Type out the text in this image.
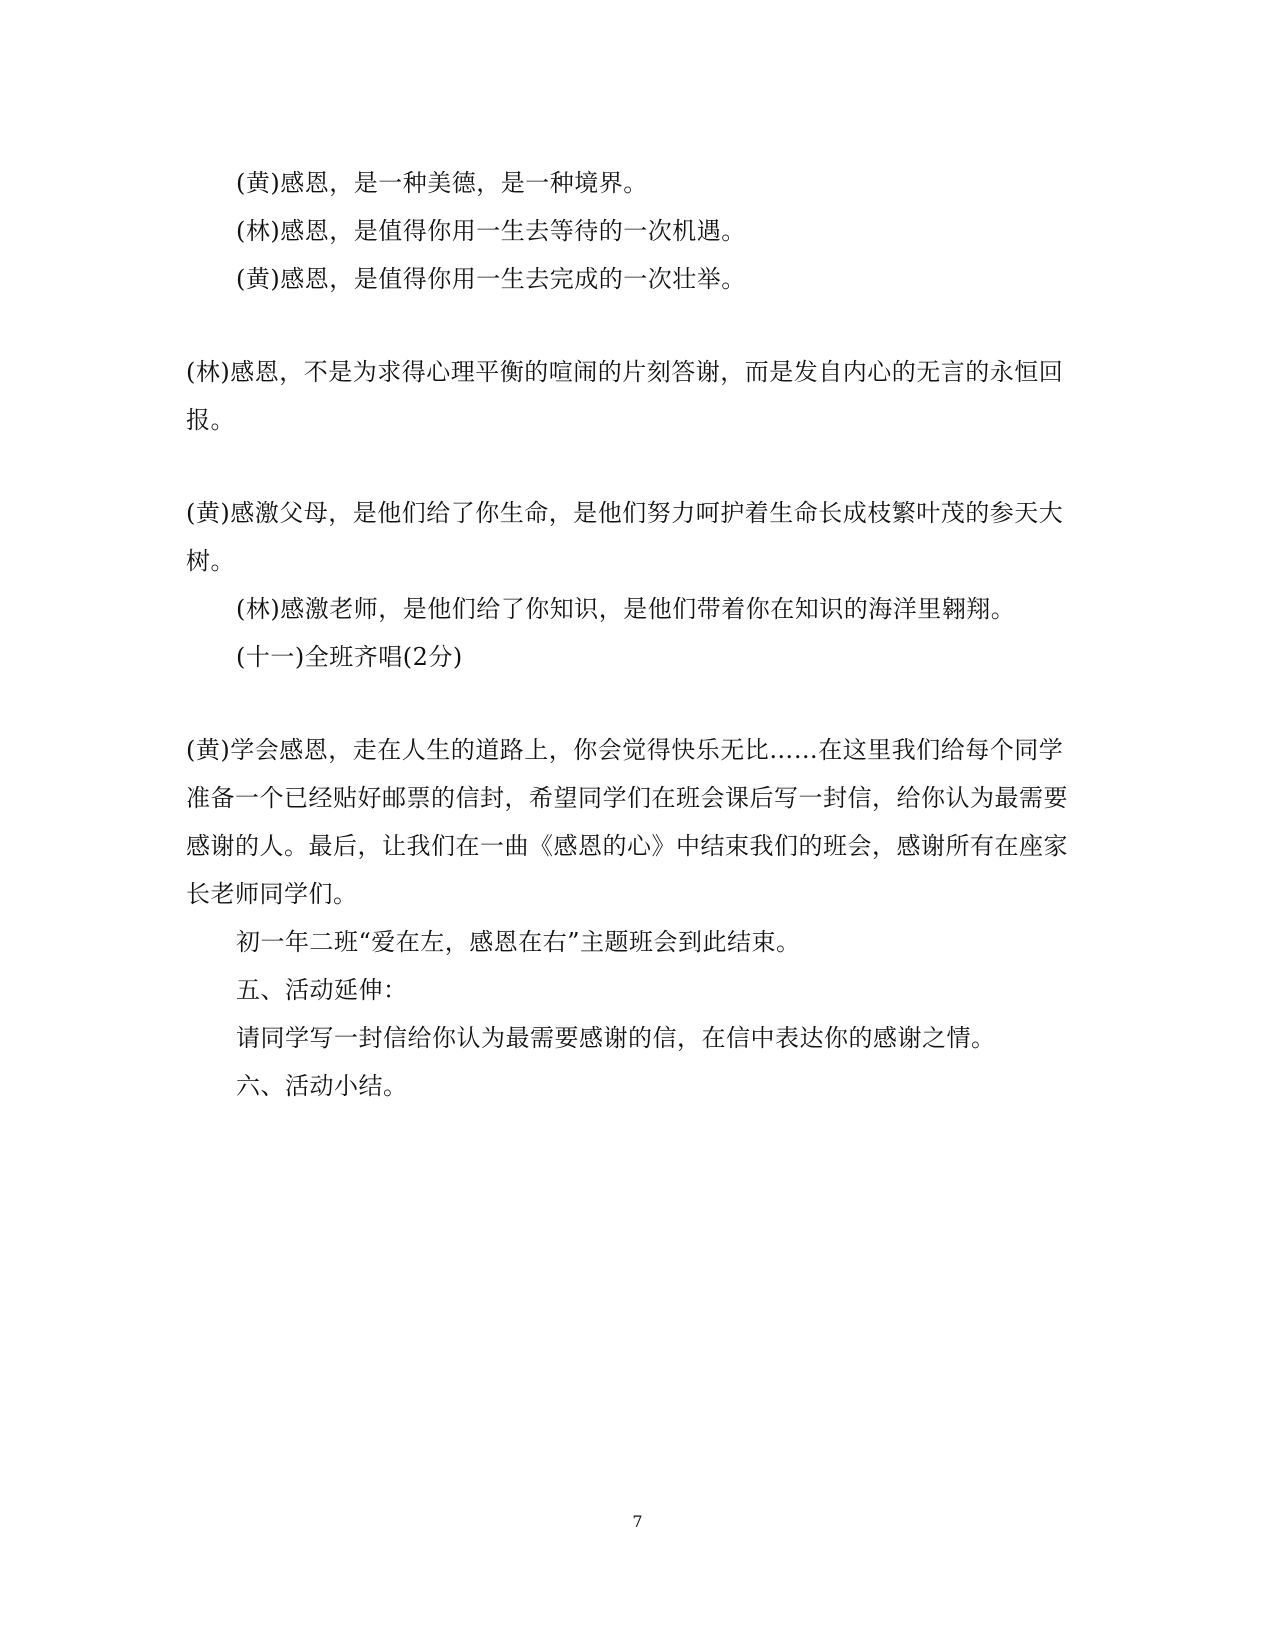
(黄)感恩，是一种美德，是一种境界。
(林)感恩，是值得你用一生去等待的一次机遇。
(黄)感恩，是值得你用一生去完成的一次壮举。
(林)感恩，不是为求得心理平衡的喧闹的片刻答谢，而是发自内心的无言的永恒回
报。
(黄)感激父母，是他们给了你生命，是他们努力呵护着生命长成枝繁叶茂的参天大
树。
(林)感激老师，是他们给了你知识，是他们带着你在知识的海洋里翱翔。
(十一)全班齐唱(2分)
(黄)学会感恩，走在人生的道路上，你会觉得快乐无比……在这里我们给每个同学
准备一个已经贴好邮票的信封，希望同学们在班会课后写一封信，给你认为最需要
感谢的人。最后，让我们在一曲《感恩的心》中结束我们的班会，感谢所有在座家
长老师同学们。
初一年二班“爱在左，感恩在右”主题班会到此结束。
五、活动延伸：
请同学写一封信给你认为最需要感谢的信，在信中表达你的感谢之情。
六、活动小结。
7
